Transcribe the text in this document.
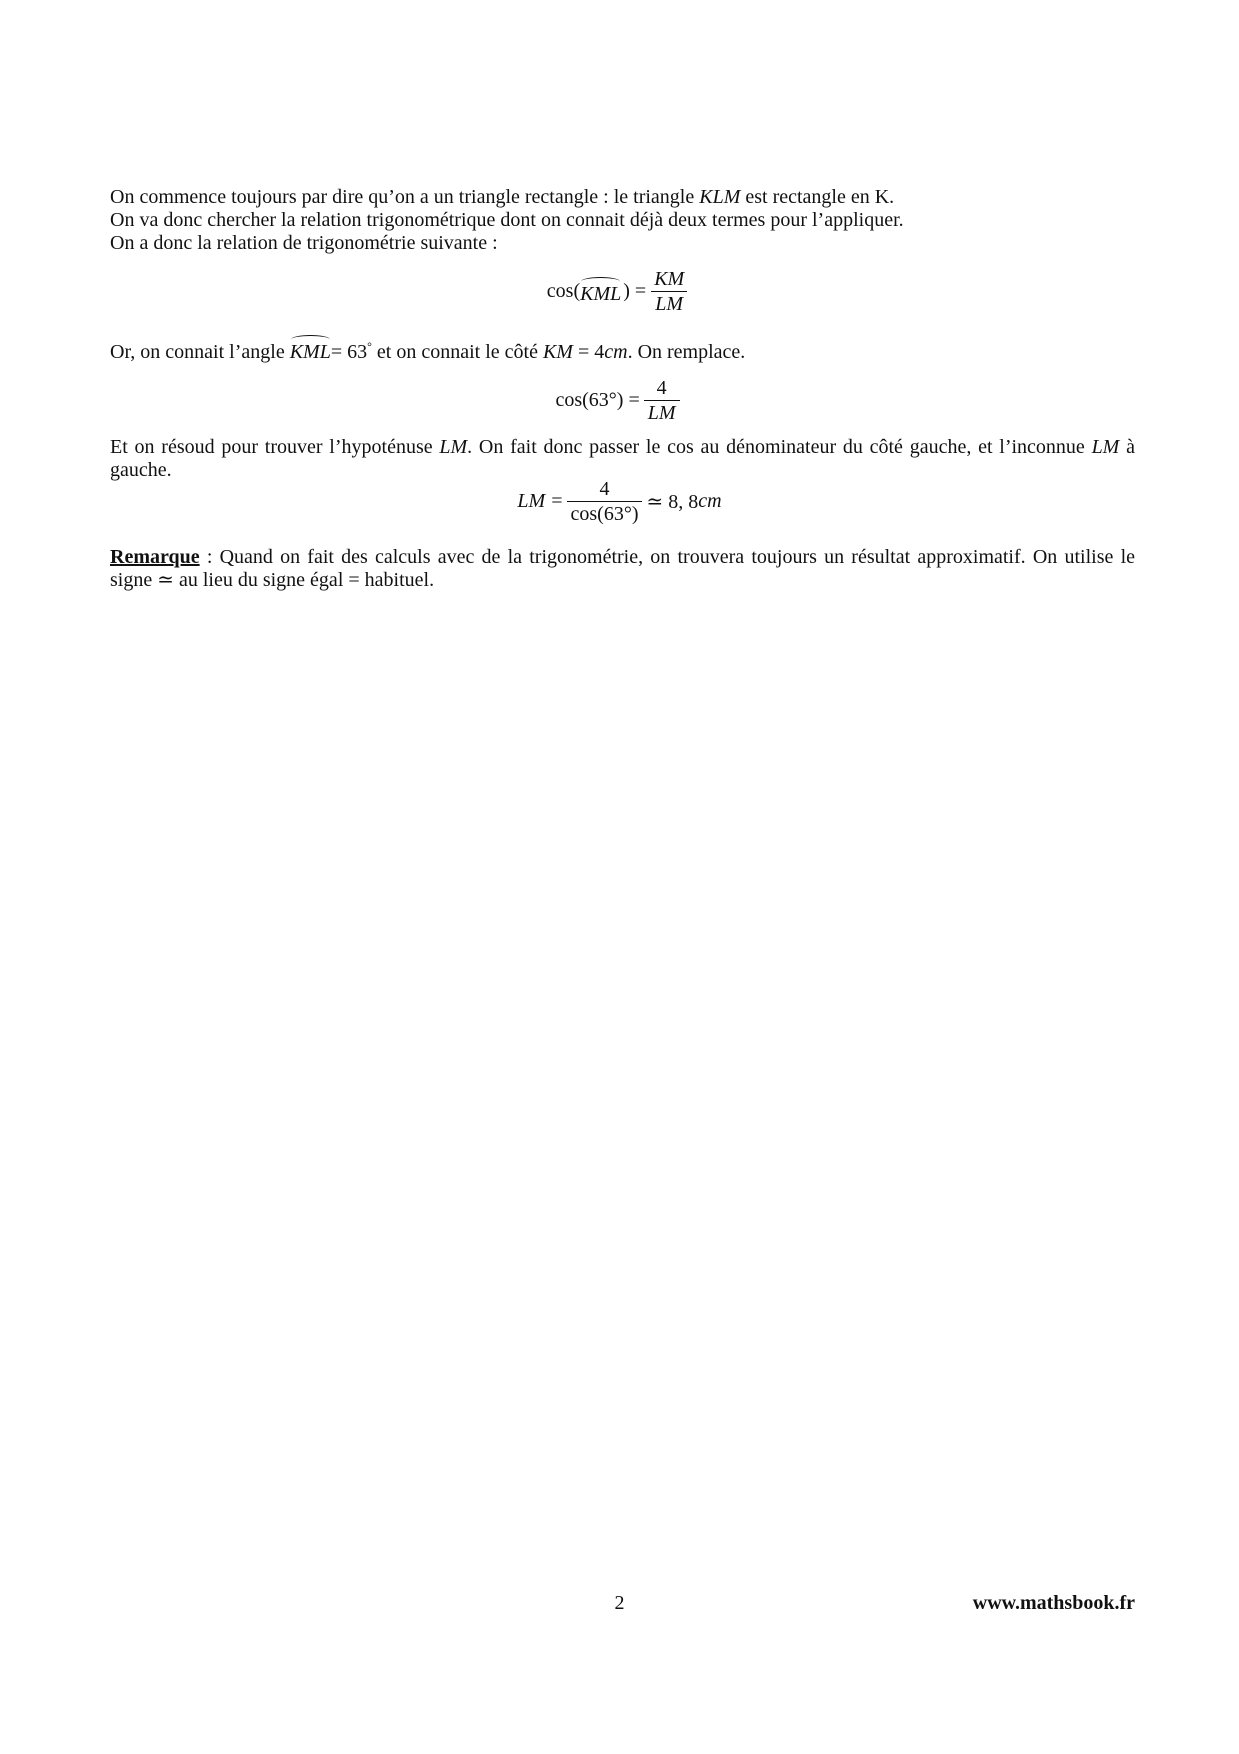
On commence toujours par dire qu’on a un triangle rectangle : le triangle KLM est rectangle en K.
On va donc chercher la relation trigonométrique dont on connait déjà deux termes pour l’appliquer.
On a donc la relation de trigonométrie suivante :
cos( KML ) = $\frac{KM}{LM}$
Or, on connait l’angle KML= 63° et on connait le côté KM = 4cm. On remplace.
$\cos(63^\circ) = \frac{4}{LM}$
Et on résoud pour trouver l’hypoténuse LM. On fait donc passer le cos au dénominateur du côté gauche, et l’inconnue LM à gauche.
LM = $\frac{4}{\cos(63^\circ)}$ ≃ 8, 8 cm
Remarque : Quand on fait des calculs avec de la trigonométrie, on trouvera toujours un résultat approximatif. On utilise le signe ≃ au lieu du signe égal = habituel.
2	www.mathsbook.fr
